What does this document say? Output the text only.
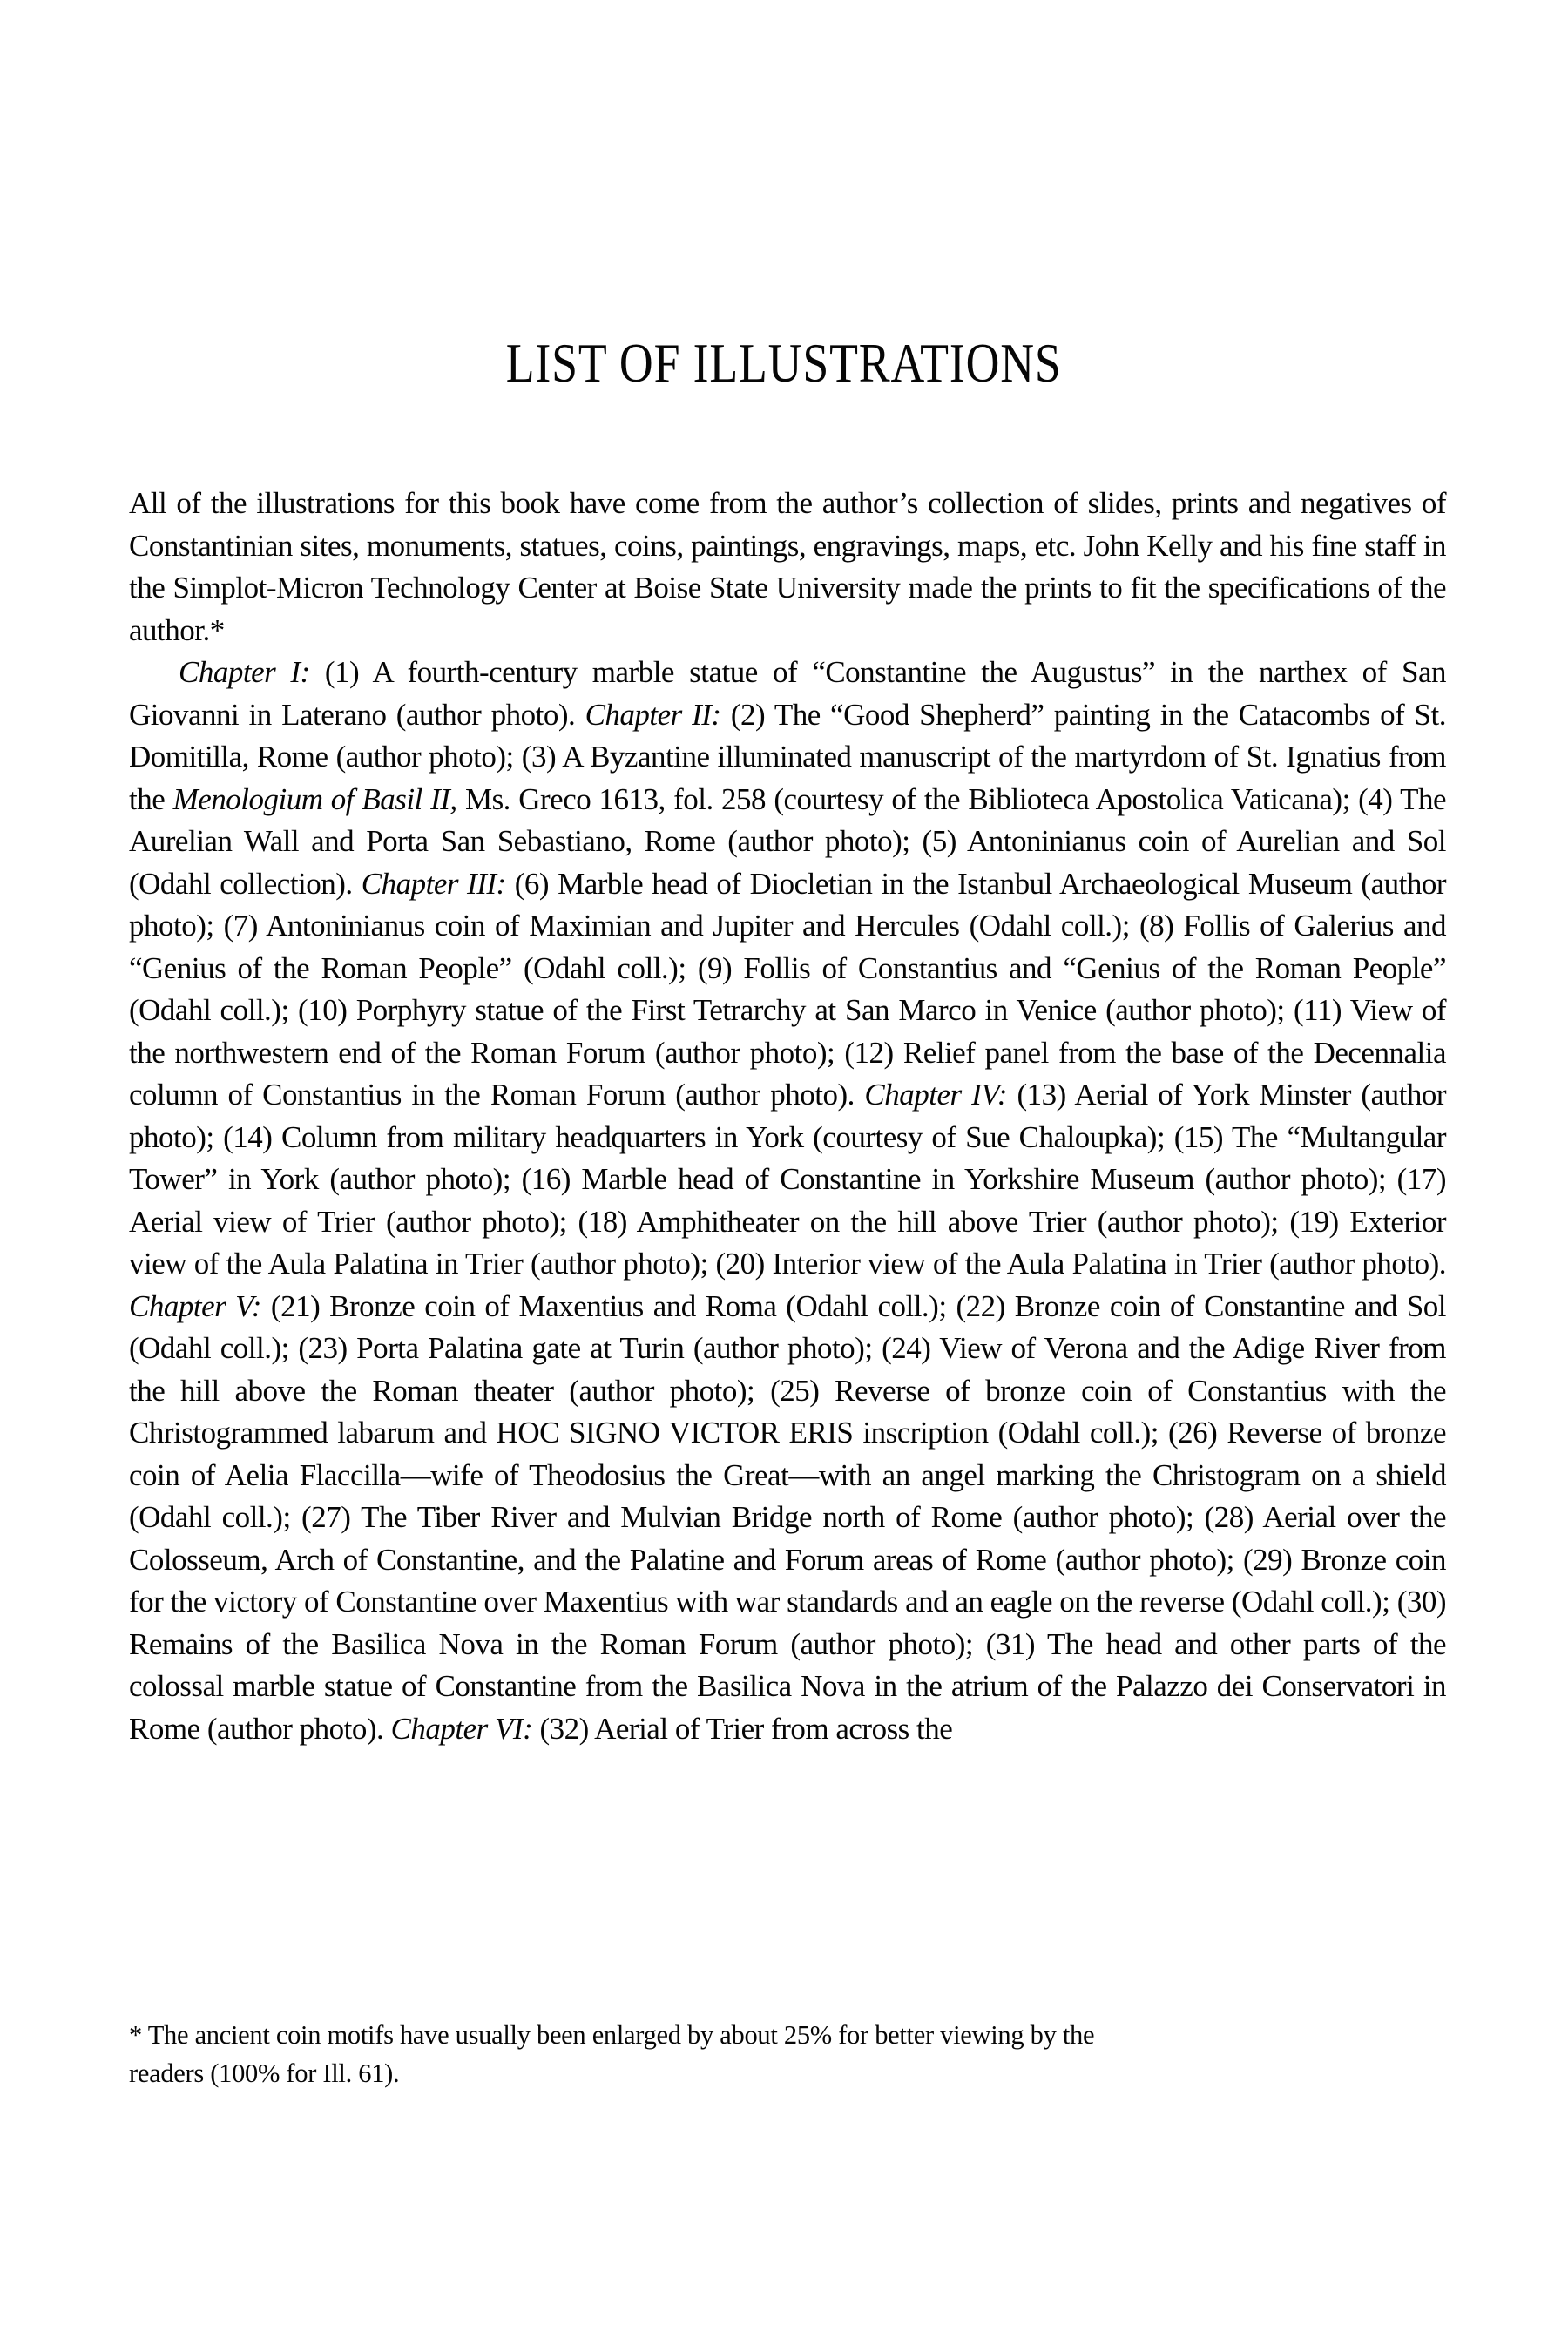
LIST OF ILLUSTRATIONS

All of the illustrations for this book have come from the author’s collection of slides, prints and negatives of Constantinian sites, monuments, statues, coins, paintings, engravings, maps, etc. John Kelly and his fine staff in the Simplot-Micron Technology Center at Boise State University made the prints to fit the specifications of the author.*

Chapter I: (1) A fourth-century marble statue of “Constantine the Augustus” in the narthex of San Giovanni in Laterano (author photo). Chapter II: (2) The “Good Shepherd” painting in the Catacombs of St. Domitilla, Rome (author photo); (3) A Byzantine illuminated manuscript of the martyrdom of St. Ignatius from the Menologium of Basil II, Ms. Greco 1613, fol. 258 (courtesy of the Biblioteca Apostolica Vaticana); (4) The Aurelian Wall and Porta San Sebastiano, Rome (author photo); (5) Antoninianus coin of Aurelian and Sol (Odahl collection). Chapter III: (6) Marble head of Diocletian in the Istanbul Archaeological Museum (author photo); (7) Antoninianus coin of Maximian and Jupiter and Hercules (Odahl coll.); (8) Follis of Galerius and “Genius of the Roman People” (Odahl coll.); (9) Follis of Constantius and “Genius of the Roman People” (Odahl coll.); (10) Porphyry statue of the First Tetrarchy at San Marco in Venice (author photo); (11) View of the northwestern end of the Roman Forum (author photo); (12) Relief panel from the base of the Decennalia column of Constantius in the Roman Forum (author photo). Chapter IV: (13) Aerial of York Minster (author photo); (14) Column from military headquarters in York (courtesy of Sue Chaloupka); (15) The “Multangular Tower” in York (author photo); (16) Marble head of Constantine in Yorkshire Museum (author photo); (17) Aerial view of Trier (author photo); (18) Amphitheater on the hill above Trier (author photo); (19) Exterior view of the Aula Palatina in Trier (author photo); (20) Interior view of the Aula Palatina in Trier (author photo). Chapter V: (21) Bronze coin of Maxentius and Roma (Odahl coll.); (22) Bronze coin of Constantine and Sol (Odahl coll.); (23) Porta Palatina gate at Turin (author photo); (24) View of Verona and the Adige River from the hill above the Roman theater (author photo); (25) Reverse of bronze coin of Constantius with the Christogrammed labarum and HOC SIGNO VICTOR ERIS inscription (Odahl coll.); (26) Reverse of bronze coin of Aelia Flaccilla—wife of Theodosius the Great—with an angel marking the Christogram on a shield (Odahl coll.); (27) The Tiber River and Mulvian Bridge north of Rome (author photo); (28) Aerial over the Colosseum, Arch of Constantine, and the Palatine and Forum areas of Rome (author photo); (29) Bronze coin for the victory of Constantine over Maxentius with war standards and an eagle on the reverse (Odahl coll.); (30) Remains of the Basilica Nova in the Roman Forum (author photo); (31) The head and other parts of the colossal marble statue of Constantine from the Basilica Nova in the atrium of the Palazzo dei Conservatori in Rome (author photo). Chapter VI: (32) Aerial of Trier from across the

* The ancient coin motifs have usually been enlarged by about 25% for better viewing by the
readers (100% for Ill. 61).
